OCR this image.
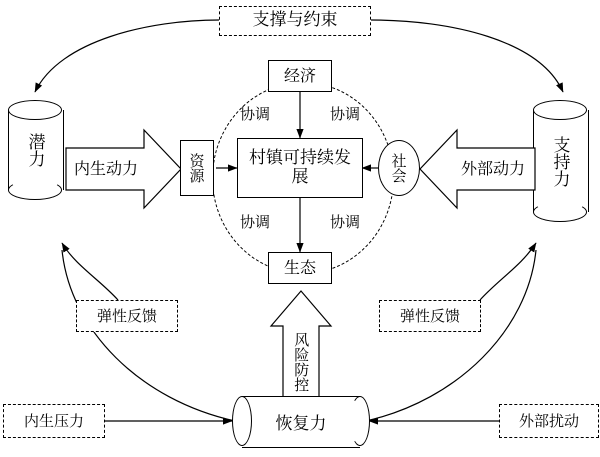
支撑与约束
潜力	支持力
内生动力	外部动力
资源	社会
经济
生态
村镇可持续发展
协调	协调
协调	协调
风险防控
弹性反馈	弹性反馈
内生压力	外部扰动
恢复力
